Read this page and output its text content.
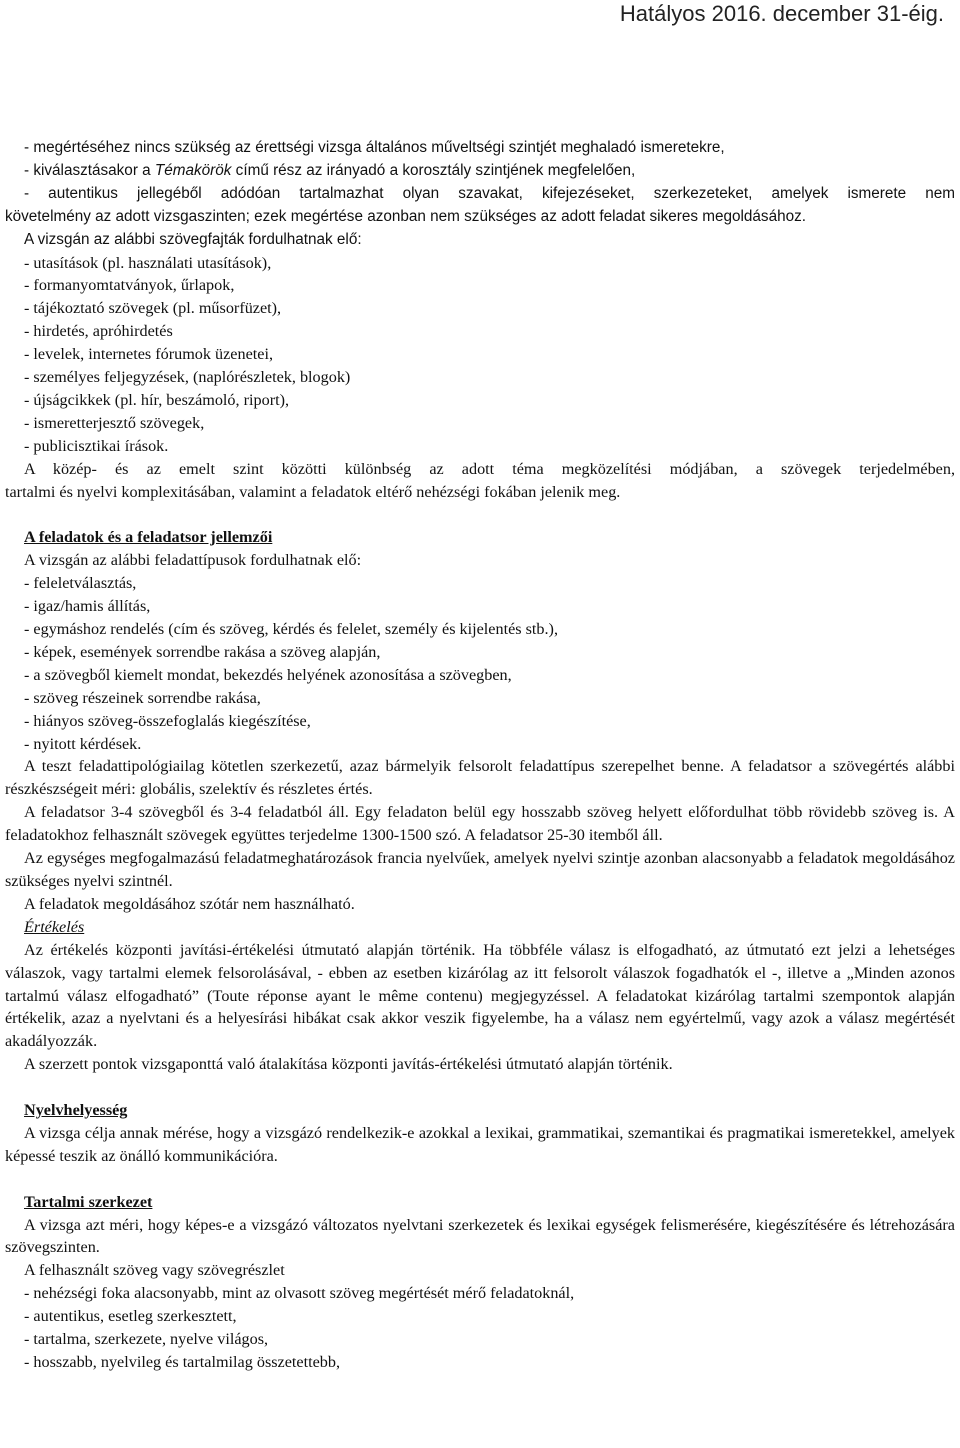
Hatályos 2016. december 31-éig.
- megértéséhez nincs szükség az érettségi vizsga általános műveltségi szintjét meghaladó ismeretekre,
- kiválasztásakor a Témakörök című rész az irányadó a korosztály szintjének megfelelően,
- autentikus jellegéből adódóan tartalmazhat olyan szavakat, kifejezéseket, szerkezeteket, amelyek ismerete nem
követelmény az adott vizsgaszinten; ezek megértése azonban nem szükséges az adott feladat sikeres megoldásához.
A vizsgán az alábbi szövegfajták fordulhatnak elő:
- utasítások (pl. használati utasítások),
- formanyomtatványok, űrlapok,
- tájékoztató szövegek (pl. műsorfüzet),
- hirdetés, apróhirdetés
- levelek, internetes fórumok üzenetei,
- személyes feljegyzések, (naplórészletek, blogok)
- újságcikkek (pl. hír, beszámoló, riport),
- ismeretterjesztő szövegek,
- publicisztikai írások.
A közép- és az emelt szint közötti különbség az adott téma megközelítési módjában, a szövegek terjedelmében,
tartalmi és nyelvi komplexitásában, valamint a feladatok eltérő nehézségi fokában jelenik meg.
A feladatok és a feladatsor jellemzői
A vizsgán az alábbi feladattípusok fordulhatnak elő:
- feleletválasztás,
- igaz/hamis állítás,
- egymáshoz rendelés (cím és szöveg, kérdés és felelet, személy és kijelentés stb.),
- képek, események sorrendbe rakása a szöveg alapján,
- a szövegből kiemelt mondat, bekezdés helyének azonosítása a szövegben,
- szöveg részeinek sorrendbe rakása,
- hiányos szöveg-összefoglalás kiegészítése,
- nyitott kérdések.
A teszt feladattipológiailag kötetlen szerkezetű, azaz bármelyik felsorolt feladattípus szerepelhet benne. A feladatsor a szövegértés alábbi részkészségeit méri: globális, szelektív és részletes értés.
A feladatsor 3-4 szövegből és 3-4 feladatból áll. Egy feladaton belül egy hosszabb szöveg helyett előfordulhat több rövidebb szöveg is. A feladatokhoz felhasznált szövegek együttes terjedelme 1300-1500 szó. A feladatsor 25-30 itemből áll.
Az egységes megfogalmazású feladatmeghatározások francia nyelvűek, amelyek nyelvi szintje azonban alacsonyabb a feladatok megoldásához szükséges nyelvi szintnél.
A feladatok megoldásához szótár nem használható.
Értékelés
Az értékelés központi javítási-értékelési útmutató alapján történik. Ha többféle válasz is elfogadható, az útmutató ezt jelzi a lehetséges válaszok, vagy tartalmi elemek felsorolásával, - ebben az esetben kizárólag az itt felsorolt válaszok fogadhatók el -, illetve a „Minden azonos tartalmú válasz elfogadható” (Toute réponse ayant le même contenu) megjegyzéssel. A feladatokat kizárólag tartalmi szempontok alapján értékelik, azaz a nyelvtani és a helyesírási hibákat csak akkor veszik figyelembe, ha a válasz nem egyértelmű, vagy azok a válasz megértését akadályozzák.
A szerzett pontok vizsgaponttá való átalakítása központi javítás-értékelési útmutató alapján történik.
Nyelvhelyesség
A vizsga célja annak mérése, hogy a vizsgázó rendelkezik-e azokkal a lexikai, grammatikai, szemantikai és pragmatikai ismeretekkel, amelyek képessé teszik az önálló kommunikációra.
Tartalmi szerkezet
A vizsga azt méri, hogy képes-e a vizsgázó változatos nyelvtani szerkezetek és lexikai egységek felismerésére, kiegészítésére és létrehozására szövegszinten.
A felhasznált szöveg vagy szövegrészlet
- nehézségi foka alacsonyabb, mint az olvasott szöveg megértését mérő feladatoknál,
- autentikus, esetleg szerkesztett,
- tartalma, szerkezete, nyelve világos,
- hosszabb, nyelvileg és tartalmilag összetettebb,
